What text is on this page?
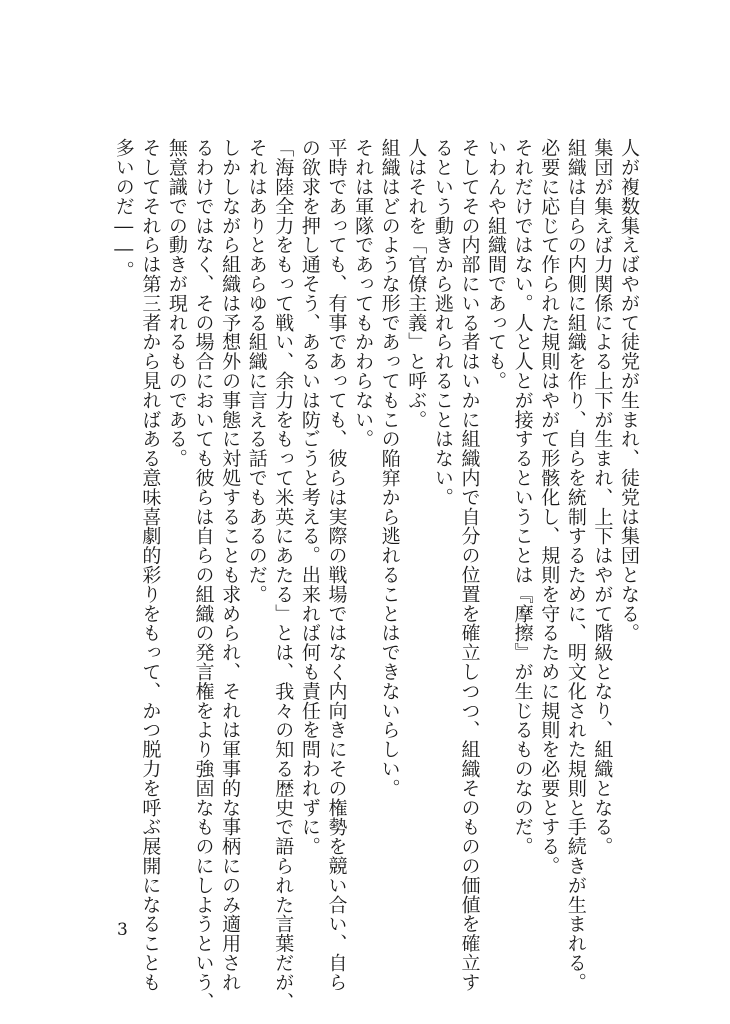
人が複数集えばやがて徒党が生まれ、徒党は集団となる。
集団が集えば力関係による上下が生まれ、上下はやがて階級となり、組織となる。
組織は自らの内側に組織を作り、自らを統制するために、明文化された規則と手続きが生まれる。
必要に応じて作られた規則はやがて形骸化し、規則を守るために規則を必要とする。
それだけではない。人と人とが接するということは『摩擦』が生じるものなのだ。
いわんや組織間であっても。
そしてその内部にいる者はいかに組織内で自分の位置を確立しつつ、組織そのものの価値を確立す
るという動きから逃れられることはない。
人はそれを「官僚主義」と呼ぶ。
組織はどのような形であってもこの陥穽から逃れることはできないらしい。
それは軍隊であってもかわらない。
平時であっても、有事であっても、彼らは実際の戦場ではなく内向きにその権勢を競い合い、自ら
の欲求を押し通そう、あるいは防ごうと考える。出来れば何も責任を問われずに。
「海陸全力をもって戦い、余力をもって米英にあたる」とは、我々の知る歴史で語られた言葉だが、
それはありとあらゆる組織に言える話でもあるのだ。
しかしながら組織は予想外の事態に対処することも求められ、それは軍事的な事柄にのみ適用され
るわけではなく、その場合においても彼らは自らの組織の発言権をより強固なものにしようという、
無意識での動きが現れるものである。
そしてそれらは第三者から見ればある意味喜劇的彩りをもって、かつ脱力を呼ぶ展開になることも
多いのだ――。
3
